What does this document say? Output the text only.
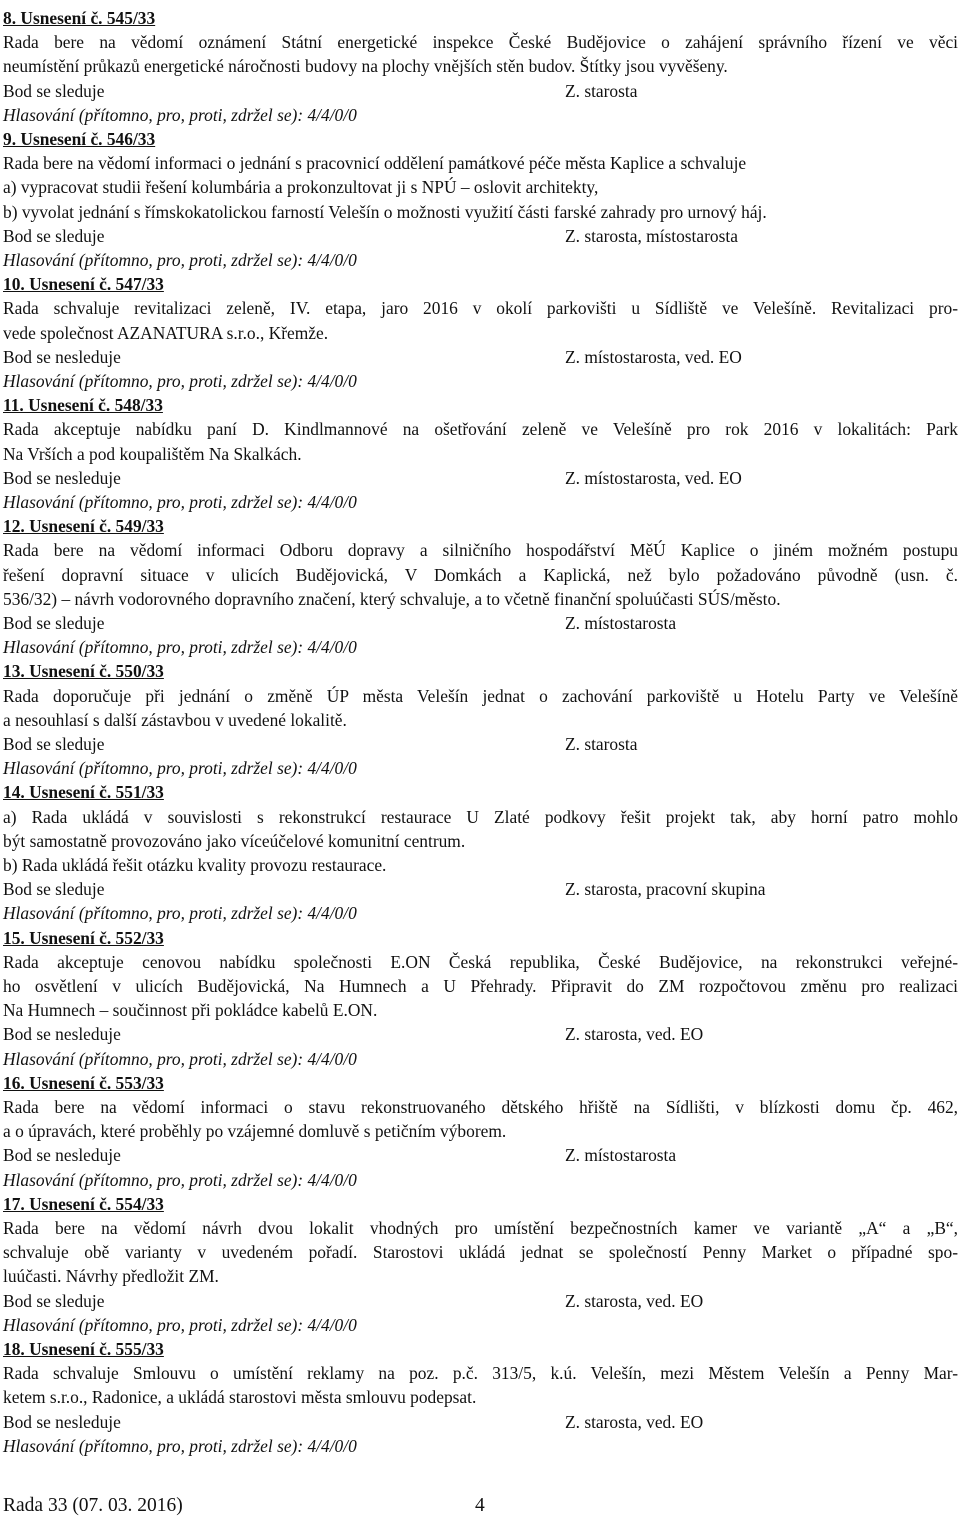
8. Usnesení č. 545/33
Rada bere na vědomí oznámení Státní energetické inspekce České Budějovice o zahájení správního řízení ve věci
neumístění průkazů energetické náročnosti budovy na plochy vnějších stěn budov. Štítky jsou vyvěšeny.
Bod se sleduje	Z. starosta
Hlasování (přítomno, pro, proti, zdržel se): 4/4/0/0
9. Usnesení č. 546/33
Rada bere na vědomí informaci o jednání s pracovnicí oddělení památkové péče města Kaplice a schvaluje
a) vypracovat studii řešení kolumbária a prokonzultovat ji s NPÚ – oslovit architekty,
b) vyvolat jednání s římskokatolickou farností Velešín o možnosti využití části farské zahrady pro urnový háj.
Bod se sleduje	Z. starosta, místostarosta
Hlasování (přítomno, pro, proti, zdržel se): 4/4/0/0
10. Usnesení č. 547/33
Rada schvaluje revitalizaci zeleně, IV. etapa, jaro 2016 v okolí parkovišti u Sídliště ve Velešíně. Revitalizaci pro-
vede společnost AZANATURA s.r.o., Křemže.
Bod se nesleduje	Z. místostarosta, ved. EO
Hlasování (přítomno, pro, proti, zdržel se): 4/4/0/0
11. Usnesení č. 548/33
Rada akceptuje nabídku paní D. Kindlmannové na ošetřování zeleně ve Velešíně pro rok 2016 v lokalitách: Park
Na Vrších a pod koupalištěm Na Skalkách.
Bod se nesleduje	Z. místostarosta, ved. EO
Hlasování (přítomno, pro, proti, zdržel se): 4/4/0/0
12. Usnesení č. 549/33
Rada bere na vědomí informaci Odboru dopravy a silničního hospodářství MěÚ Kaplice o jiném možném postupu
řešení dopravní situace v ulicích Budějovická, V Domkách a Kaplická, než bylo požadováno původně (usn. č.
536/32) – návrh vodorovného dopravního značení, který schvaluje, a to včetně finanční spoluúčasti SÚS/město.
Bod se sleduje	Z. místostarosta
Hlasování (přítomno, pro, proti, zdržel se): 4/4/0/0
13. Usnesení č. 550/33
Rada doporučuje při jednání o změně ÚP města Velešín jednat o zachování parkoviště u Hotelu Party ve Velešíně
a nesouhlasí s další zástavbou v uvedené lokalitě.
Bod se sleduje	Z. starosta
Hlasování (přítomno, pro, proti, zdržel se): 4/4/0/0
14. Usnesení č. 551/33
a) Rada ukládá v souvislosti s rekonstrukcí restaurace U Zlaté podkovy řešit projekt tak, aby horní patro mohlo
být samostatně provozováno jako víceúčelové komunitní centrum.
b) Rada ukládá řešit otázku kvality provozu restaurace.
Bod se sleduje	Z. starosta, pracovní skupina
Hlasování (přítomno, pro, proti, zdržel se): 4/4/0/0
15. Usnesení č. 552/33
Rada akceptuje cenovou nabídku společnosti E.ON Česká republika, České Budějovice, na rekonstrukci veřejné-
ho osvětlení v ulicích Budějovická, Na Humnech a U Přehrady. Připravit do ZM rozpočtovou změnu pro realizaci
Na Humnech – součinnost při pokládce kabelů E.ON.
Bod se nesleduje	Z. starosta, ved. EO
Hlasování (přítomno, pro, proti, zdržel se): 4/4/0/0
16. Usnesení č. 553/33
Rada bere na vědomí informaci o stavu rekonstruovaného dětského hřiště na Sídlišti, v blízkosti domu čp. 462,
a o úpravách, které proběhly po vzájemné domluvě s petičním výborem.
Bod se nesleduje	Z. místostarosta
Hlasování (přítomno, pro, proti, zdržel se): 4/4/0/0
17. Usnesení č. 554/33
Rada bere na vědomí návrh dvou lokalit vhodných pro umístění bezpečnostních kamer ve variantě „A“ a „B“,
schvaluje obě varianty v uvedeném pořadí. Starostovi ukládá jednat se společností Penny Market o případné spo-
luúčasti. Návrhy předložit ZM.
Bod se sleduje	Z. starosta, ved. EO
Hlasování (přítomno, pro, proti, zdržel se): 4/4/0/0
18. Usnesení č. 555/33
Rada schvaluje Smlouvu o umístění reklamy na poz. p.č. 313/5, k.ú. Velešín, mezi Městem Velešín a Penny Mar-
ketem s.r.o., Radonice, a ukládá starostovi města smlouvu podepsat.
Bod se nesleduje	Z. starosta, ved. EO
Hlasování (přítomno, pro, proti, zdržel se): 4/4/0/0
Rada 33 (07. 03. 2016)	4
